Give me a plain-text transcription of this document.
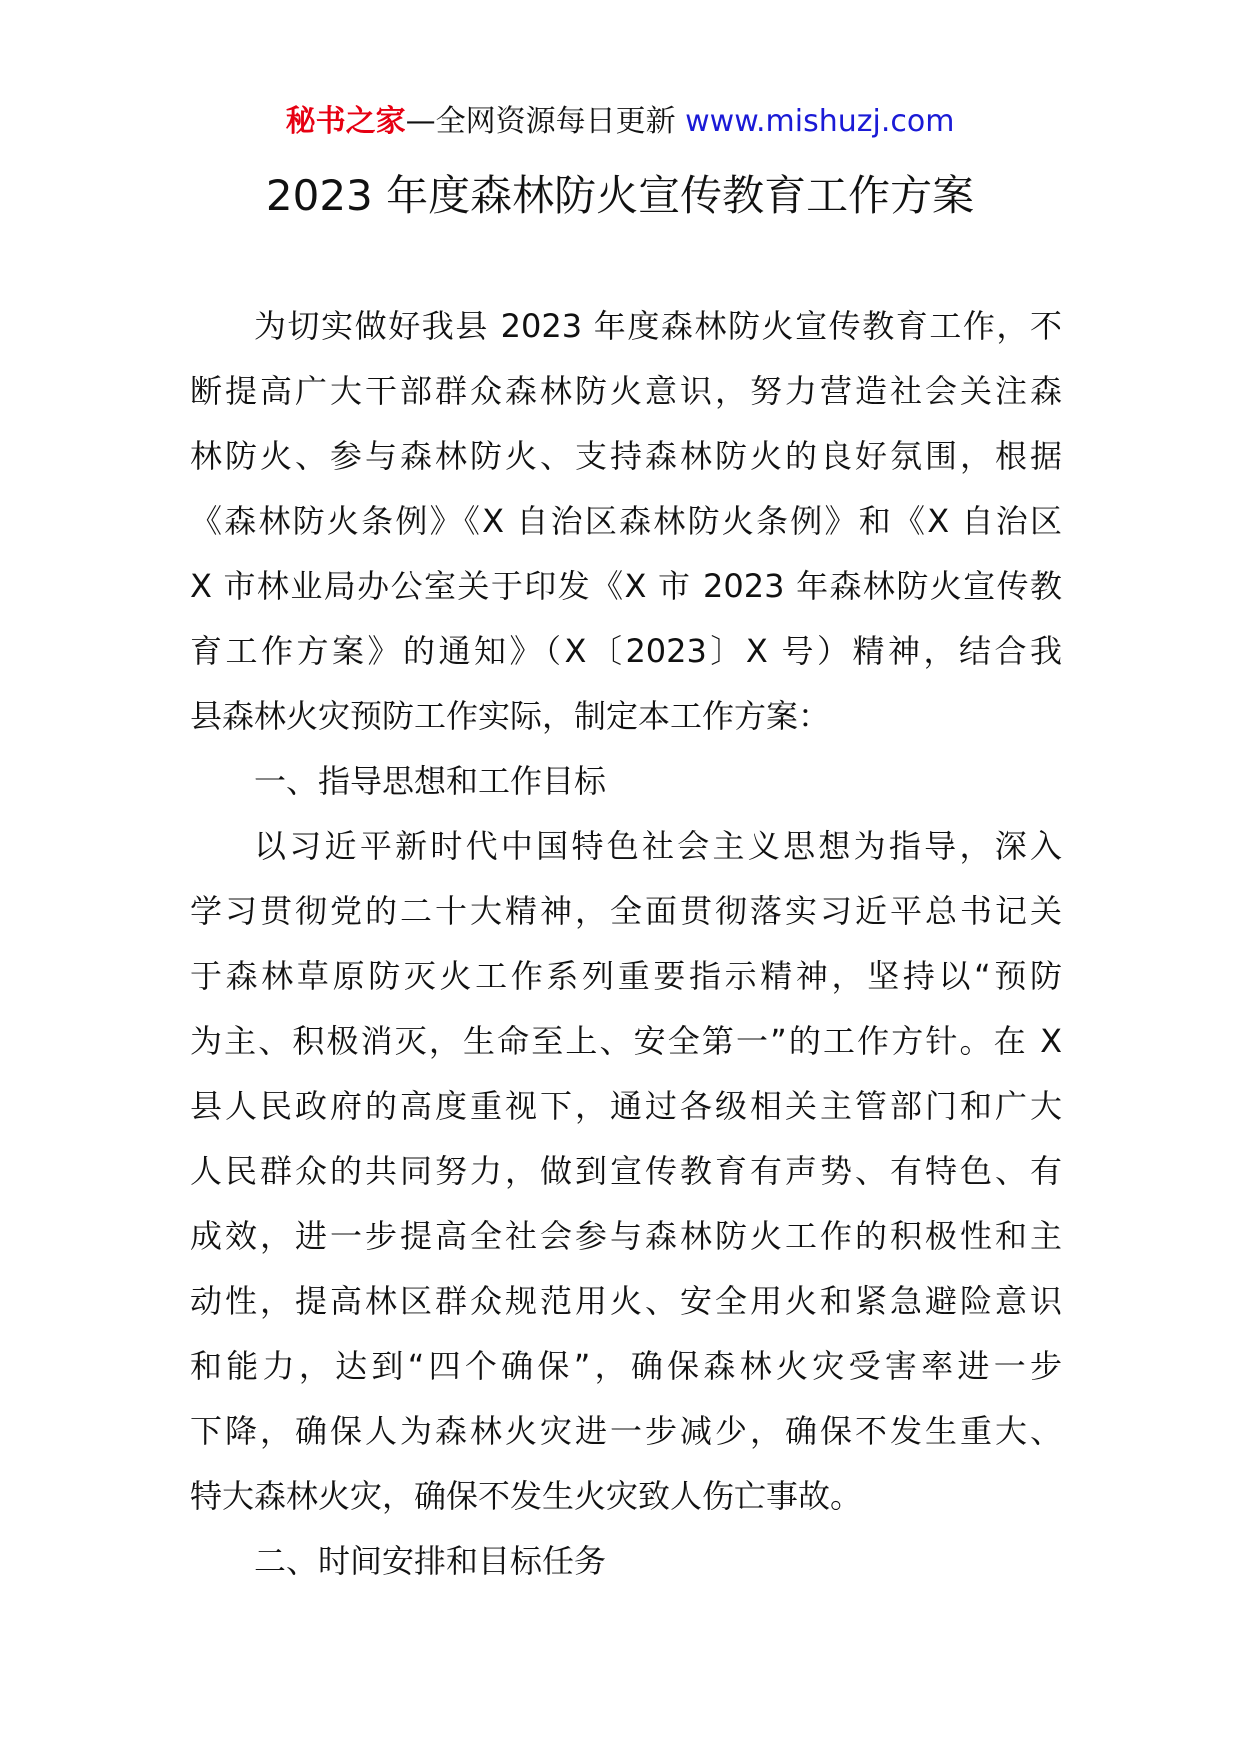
秘书之家—全网资源每日更新 www.mishuzj.com
2023 年度森林防火宣传教育工作方案
为切实做好我县 2023 年度森林防火宣传教育工作，不
断提高广大干部群众森林防火意识，努力营造社会关注森
林防火、参与森林防火、支持森林防火的良好氛围，根据
《森林防火条例》《X 自治区森林防火条例》和《X 自治区
X 市林业局办公室关于印发《X 市 2023 年森林防火宣传教
育工作方案》的通知》（X〔2023〕X 号）精神，结合我
县森林火灾预防工作实际，制定本工作方案：
一、指导思想和工作目标
以习近平新时代中国特色社会主义思想为指导，深入
学习贯彻党的二十大精神，全面贯彻落实习近平总书记关
于森林草原防灭火工作系列重要指示精神，坚持以“预防
为主、积极消灭，生命至上、安全第一”的工作方针。在 X
县人民政府的高度重视下，通过各级相关主管部门和广大
人民群众的共同努力，做到宣传教育有声势、有特色、有
成效，进一步提高全社会参与森林防火工作的积极性和主
动性，提高林区群众规范用火、安全用火和紧急避险意识
和能力，达到“四个确保”，确保森林火灾受害率进一步
下降，确保人为森林火灾进一步减少，确保不发生重大、
特大森林火灾，确保不发生火灾致人伤亡事故。
二、时间安排和目标任务
